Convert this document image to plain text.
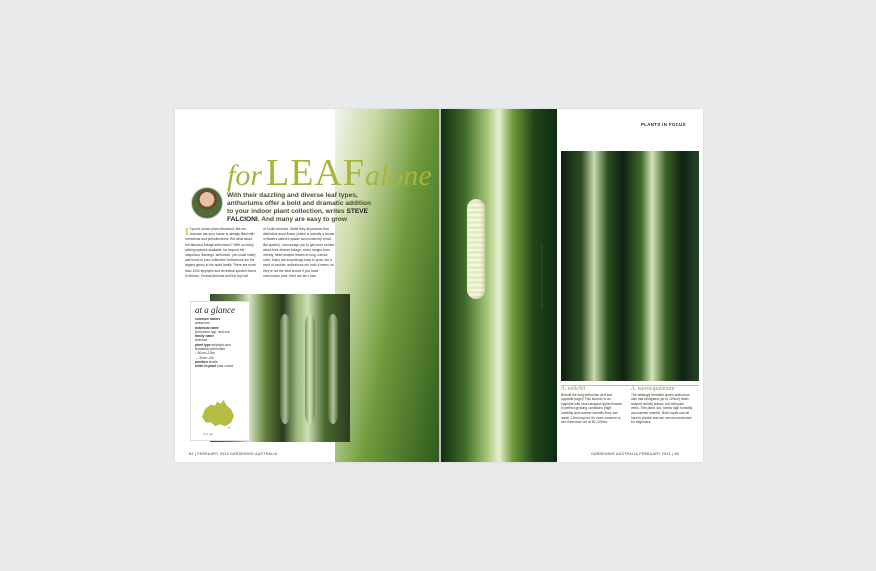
for LEAFalone
With their dazzling and diverse leaf types, anthuriums offer a bold and dramatic addition to your indoor plant collection, writes STEVE FALCIONI. And many are easy to grow
If you're indoor plant-obsessed, like me, chances are your house is already filled with monsteras and philodendrons. But what about the fabulous foliage anthuriums? With so many striking species available, far beyond the ubiquitous 'flamingo' anthurium, you could easily add some to your collection! Anthuriums are the largest genus in the aroid family. There are more than 1000 epiphytic and terrestrial species found in Mexico, Central America and the top half
of South America. While they all produce that distinctive aroid flower (which is actually a cluster of flowers called a spadix surrounded by a leaf-like spathe), I encourage you to get more excited about their diverse foliage, which ranges from velvety, heart-shaped leaves to long, narrow ones. Many are surprisingly easy to grow, but a word of caution: anthuriums are toxic if eaten, so they're not the best choice if you have overcurious pets. Here are ten I love.
at a glance

common names
anthurium

botanical name
Anthurium spp. and cvs.

family name
Araceae

plant type epiphytic and terrestrial perennials

↕ 60cm–2.5m

↔ 30cm–2m

position shade

when to plant year-round

In a pot
84 | FEBRUARY 2024 GARDENING AUSTRALIA
PLANTS IN FOCUS
PHOTOS: GETTY IMAGES, STEVE FALCIONI, ALAMY
A. veitchii
Behold the king anthurium (left and opposite page)! This stunner is an epiphyte with heart-shaped rippled leaves. In perfect growing conditions (high humidity and warmer warmth) they can reach 1.5m long but it's more common to see them max out at 80–100cm.
A. warocqueanum
The strikingly beautiful queen anthurium also has elongated (up to 120cm) heart-shaped velvety leaves, but with pale veins. This plant, too, needs high humidity and warmer warmth. Both royals can be hard to please and are not recommended for beginners.
GARDENING AUSTRALIA FEBRUARY 2024 | 85
